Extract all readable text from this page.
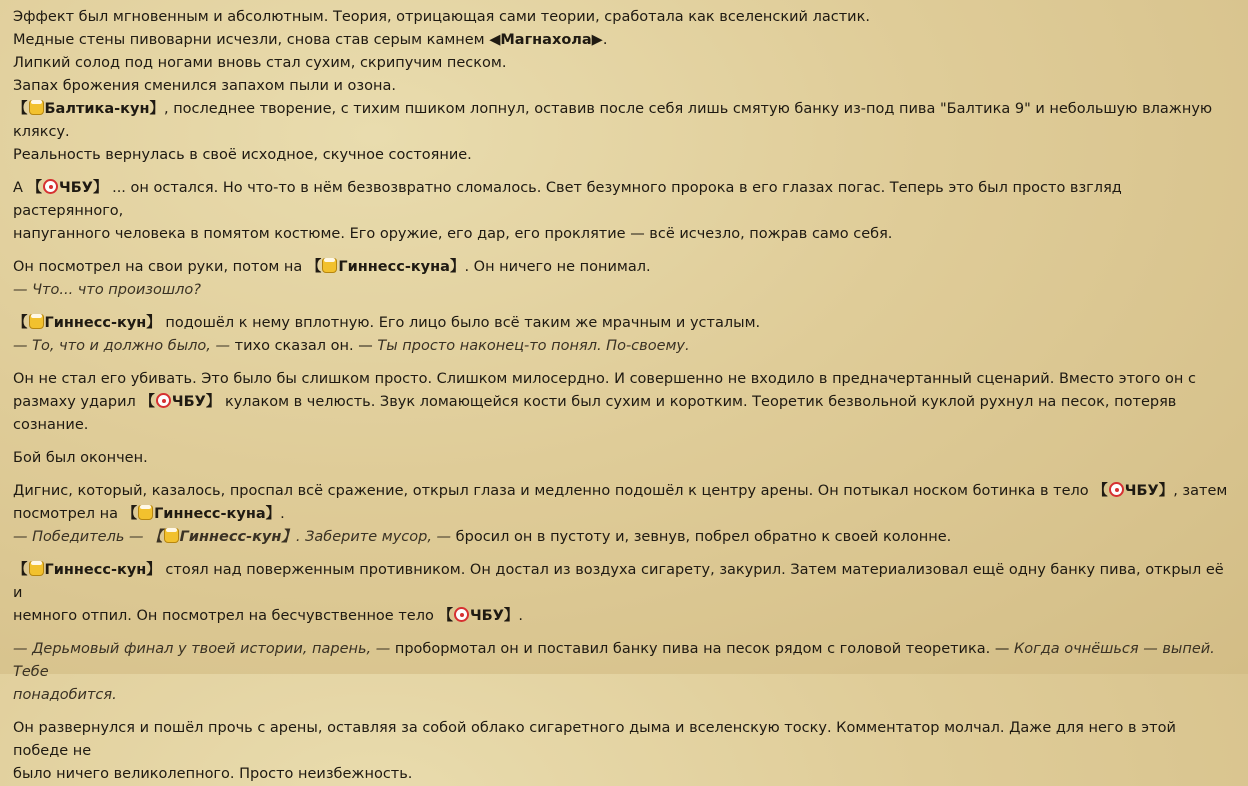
Эффект был мгновенным и абсолютным. Теория, отрицающая сами теории, сработала как вселенский ластик.
Медные стены пивоварни исчезли, снова став серым камнем ◀Магнахола▶.
Липкий солод под ногами вновь стал сухим, скрипучим песком.
Запах брожения сменился запахом пыли и озона.
【 Балтика-кун】, последнее творение, с тихим пшиком лопнул, оставив после себя лишь смятую банку из-под пива "Балтика 9" и небольшую влажную
кляксу.
Реальность вернулась в своё исходное, скучное состояние.
А 【 ЧБУ】 ... он остался. Но что-то в нём безвозвратно сломалось. Свет безумного пророка в его глазах погас. Теперь это был просто взгляд растерянного,
напуганного человека в помятом костюме. Его оружие, его дар, его проклятие — всё исчезло, пожрав само себя.
Он посмотрел на свои руки, потом на 【 Гиннесс-куна】. Он ничего не понимал.
— Что... что произошло?
【 Гиннесс-кун】 подошёл к нему вплотную. Его лицо было всё таким же мрачным и усталым.
— То, что и должно было, — тихо сказал он. — Ты просто наконец-то понял. По-своему.
Он не стал его убивать. Это было бы слишком просто. Слишком милосердно. И совершенно не входило в предначертанный сценарий. Вместо этого он с
размаху ударил 【 ЧБУ】 кулаком в челюсть. Звук ломающейся кости был сухим и коротким. Теоретик безвольной куклой рухнул на песок, потеряв сознание.
Бой был окончен.
Дигнис, который, казалось, проспал всё сражение, открыл глаза и медленно подошёл к центру арены. Он потыкал носком ботинка в тело 【 ЧБУ】, затем
посмотрел на 【 Гиннесс-куна】.
— Победитель — 【 Гиннесс-кун】. Заберите мусор, — бросил он в пустоту и, зевнув, побрел обратно к своей колонне.
【 Гиннесс-кун】 стоял над поверженным противником. Он достал из воздуха сигарету, закурил. Затем материализовал ещё одну банку пива, открыл её и
немного отпил. Он посмотрел на бесчувственное тело 【 ЧБУ】.
— Дерьмовый финал у твоей истории, парень, — пробормотал он и поставил банку пива на песок рядом с головой теоретика. — Когда очнёшься — выпей. Тебе
понадобится.
Он развернулся и пошёл прочь с арены, оставляя за собой облако сигаретного дыма и вселенскую тоску. Комментатор молчал. Даже для него в этой победе не
было ничего великолепного. Просто неизбежность.
